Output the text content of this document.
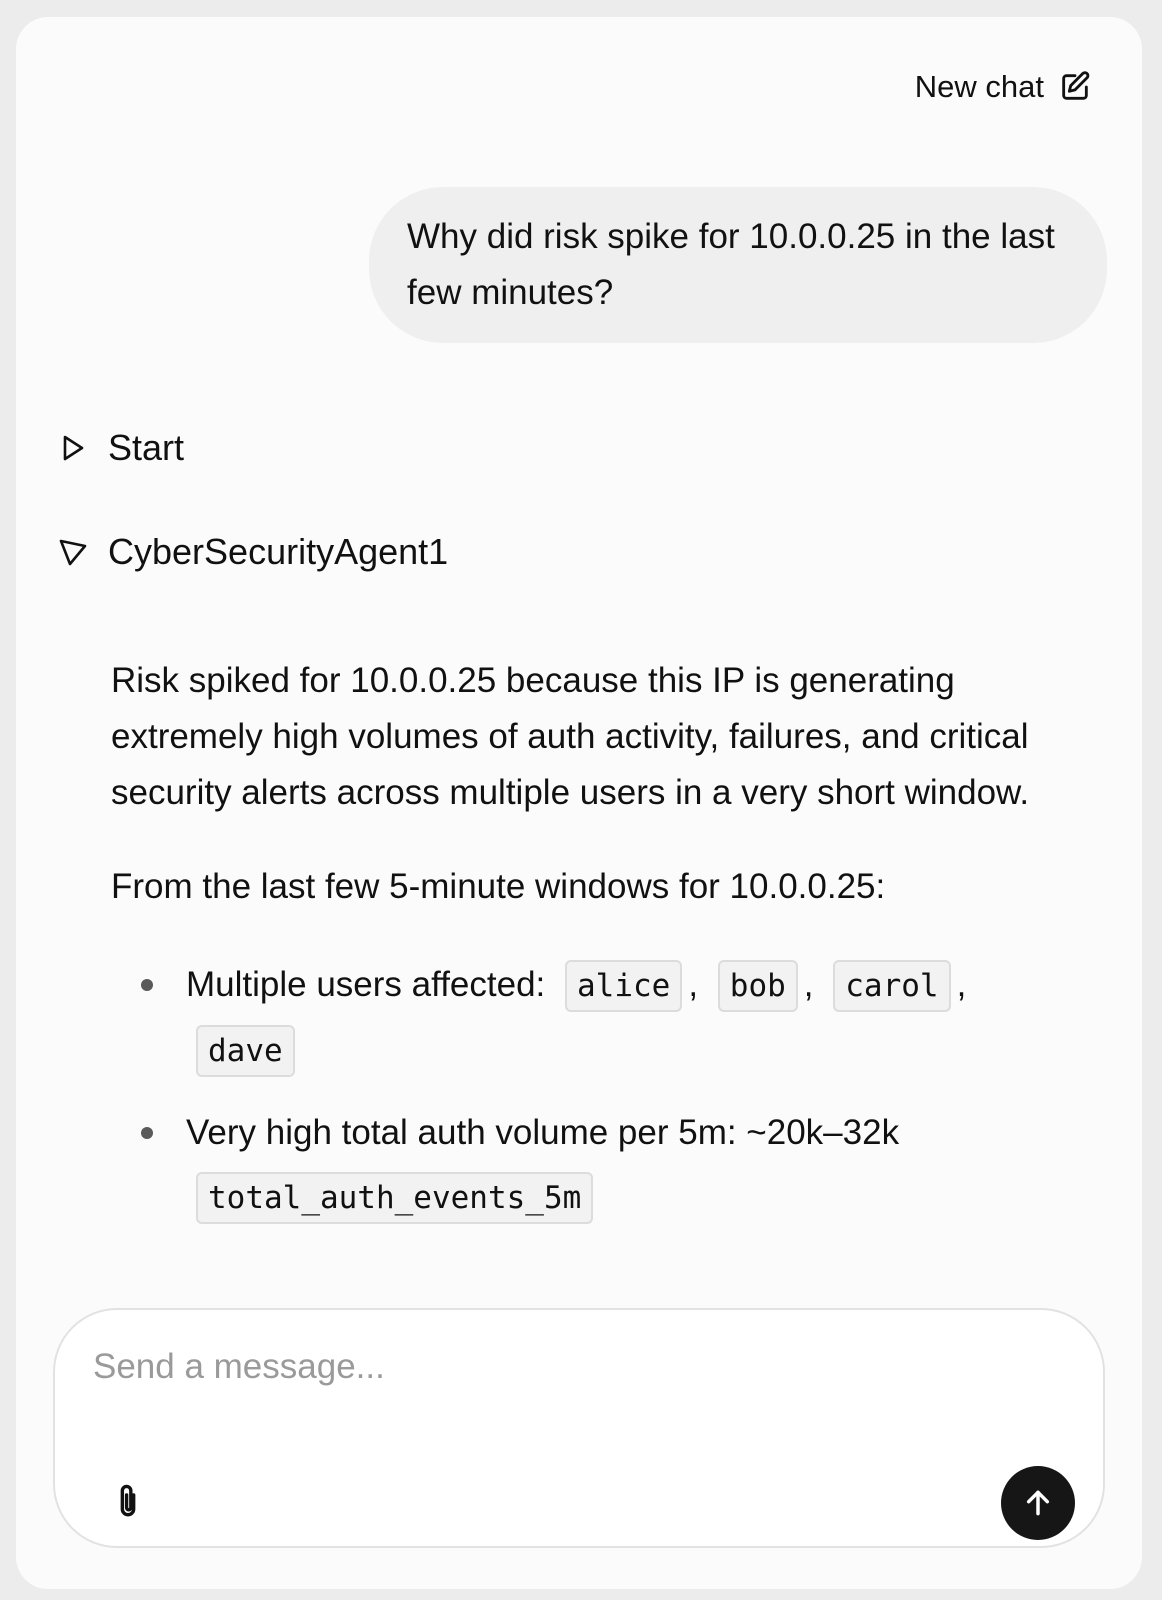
New chat
Why did risk spike for 10.0.0.25 in the last few minutes?
Start
CyberSecurityAgent1

Risk spiked for 10.0.0.25 because this IP is generating extremely high volumes of auth activity, failures, and critical security alerts across multiple users in a very short window.

From the last few 5-minute windows for 10.0.0.25:

Multiple users affected: alice , bob , carol , dave
Very high total auth volume per 5m: ~20k–32k total_auth_events_5m
Send a message...
